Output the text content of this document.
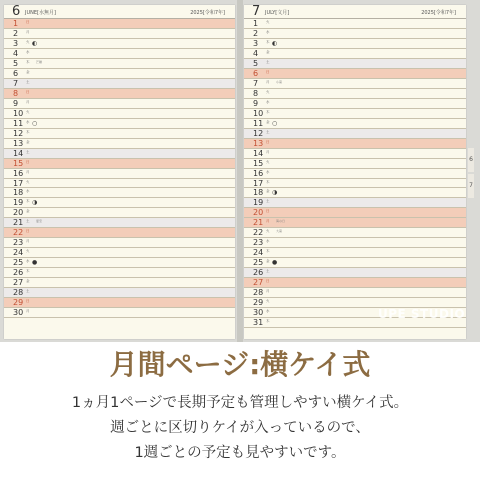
6 JUNE[水無月]	2025[令和7年]
1 日
2 月
3 火 ◐
4 水
5 木 芒種
6 金
7 土
8 日
9 月
10 火
11 水 ○
12 木
13 金
14 土
15 日
16 月
17 火
18 水
19 木 ◑
20 金
21 土 夏至
22 日
23 月
24 火
25 水 ●
26 木
27 金
28 土
29 日
30 月
7 JULY[文月]	2025[令和7年]
1 火
2 水
3 木 ◐
4 金
5 土
6 日
7 月 小暑
8 火
9 水
10 木
11 金 ○
12 土
13 日
14 月
15 火
16 水
17 木
18 金 ◑
19 土
20 日
21 月 海の日
22 火 大暑
23 水
24 木
25 金 ●
26 土
27 日
28 月
29 火
30 水
31 木
6
7
UPE STUDIO
月間ページ:横ケイ式
1ヵ月1ページで長期予定も管理しやすい横ケイ式。
週ごとに区切りケイが入っているので、
1週ごとの予定も見やすいです。
